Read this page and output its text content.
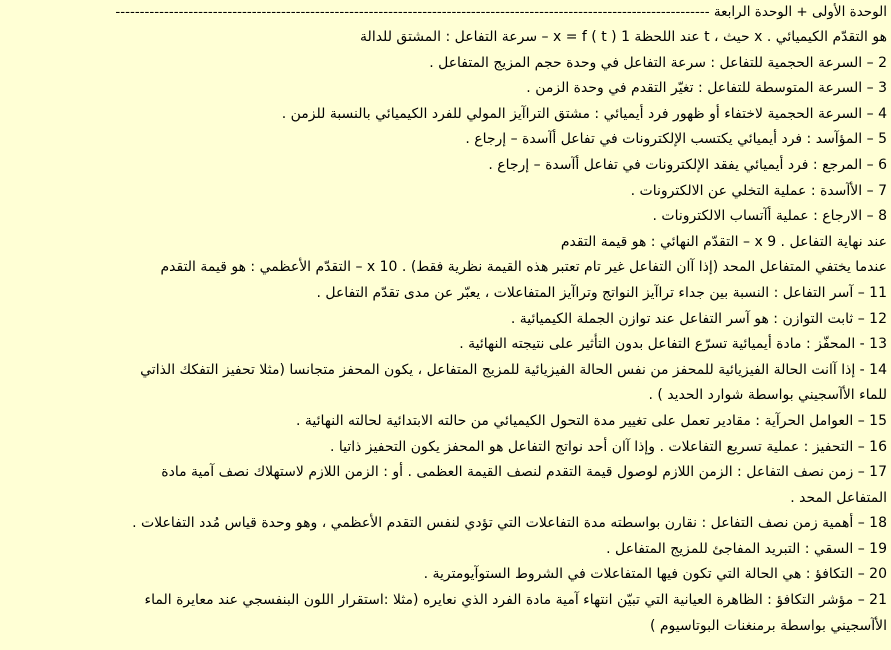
الوحدة الأولى + الوحدة الرابعة --------------------------------------------------------------------------------------------------------------------------
هو التقدّم الكيميائي . x حيث ، t عند اللحظة x = f ( t ) 1 – سرعة التفاعل : المشتق للدالة
2 – السرعة الحجمية للتفاعل : سرعة التفاعل في وحدة حجم المزيج المتفاعل .
3 – السرعة المتوسطة للتفاعل : تغيّر التقدم في وحدة الزمن .
4 – السرعة الحجمية لاختفاء أو ظهور فرد أيميائي : مشتق التراآيز المولي للفرد الكيميائي بالنسبة للزمن .
5 – المؤآسد : فرد أيميائي يكتسب الإلكترونات في تفاعل أآسدة – إرجاع .
6 – المرجع : فرد أيميائي يفقد الإلكترونات في تفاعل أآسدة – إرجاع .
7 – الأآسدة : عملية التخلي عن الالكترونات .
8 – الارجاع : عملية أآتساب الالكترونات .
عند نهاية التفاعل . x 9 – التقدّم النهائي : هو قيمة التقدم
عندما يختفي المتفاعل المحد (إذا آان التفاعل غير تام تعتبر هذه القيمة نظرية فقط) . x 10 – التقدّم الأعظمي : هو قيمة التقدم
11 – آسر التفاعل : النسبة بين جداء تراآيز النواتج وتراآيز المتفاعلات ، يعبّر عن مدى تقدّم التفاعل .
12 – ثابت التوازن : هو آسر التفاعل عند توازن الجملة الكيميائية .
13 - المحفّز : مادة أيميائية تسرّع التفاعل بدون التأثير على نتيجته النهائية .
14 - إذا آانت الحالة الفيزيائية للمحفز من نفس الحالة الفيزيائية للمزيج المتفاعل ، يكون المحفز متجانسا (مثلا تحفيز التفكك الذاتي
للماء الأآسجيني بواسطة شوارد الحديد ) .
15 – العوامل الحرآية : مقادير تعمل على تغيير مدة التحول الكيميائي من حالته الابتدائية لحالته النهائية .
16 – التحفيز : عملية تسريع التفاعلات . وإذا آان أحد نواتج التفاعل هو المحفز يكون التحفيز ذاتيا .
17 – زمن نصف التفاعل : الزمن اللازم لوصول قيمة التقدم لنصف القيمة العظمى . أو : الزمن اللازم لاستهلاك نصف آمية مادة
المتفاعل المحد .
18 – أهمية زمن نصف التفاعل : نقارن بواسطته مدة التفاعلات التي تؤدي لنفس التقدم الأعظمي ، وهو وحدة قياس مُدد التفاعلات .
19 – السقي : التبريد المفاجئ للمزيج المتفاعل .
20 – التكافؤ : هي الحالة التي تكون فيها المتفاعلات في الشروط الستوآيومترية .
21 – مؤشر التكافؤ : الظاهرة العيانية التي تبيّن انتهاء آمية مادة الفرد الذي نعايره (مثلا :استقرار اللون البنفسجي عند معايرة الماء
الأآسجيني بواسطة برمنغنات البوتاسيوم )
